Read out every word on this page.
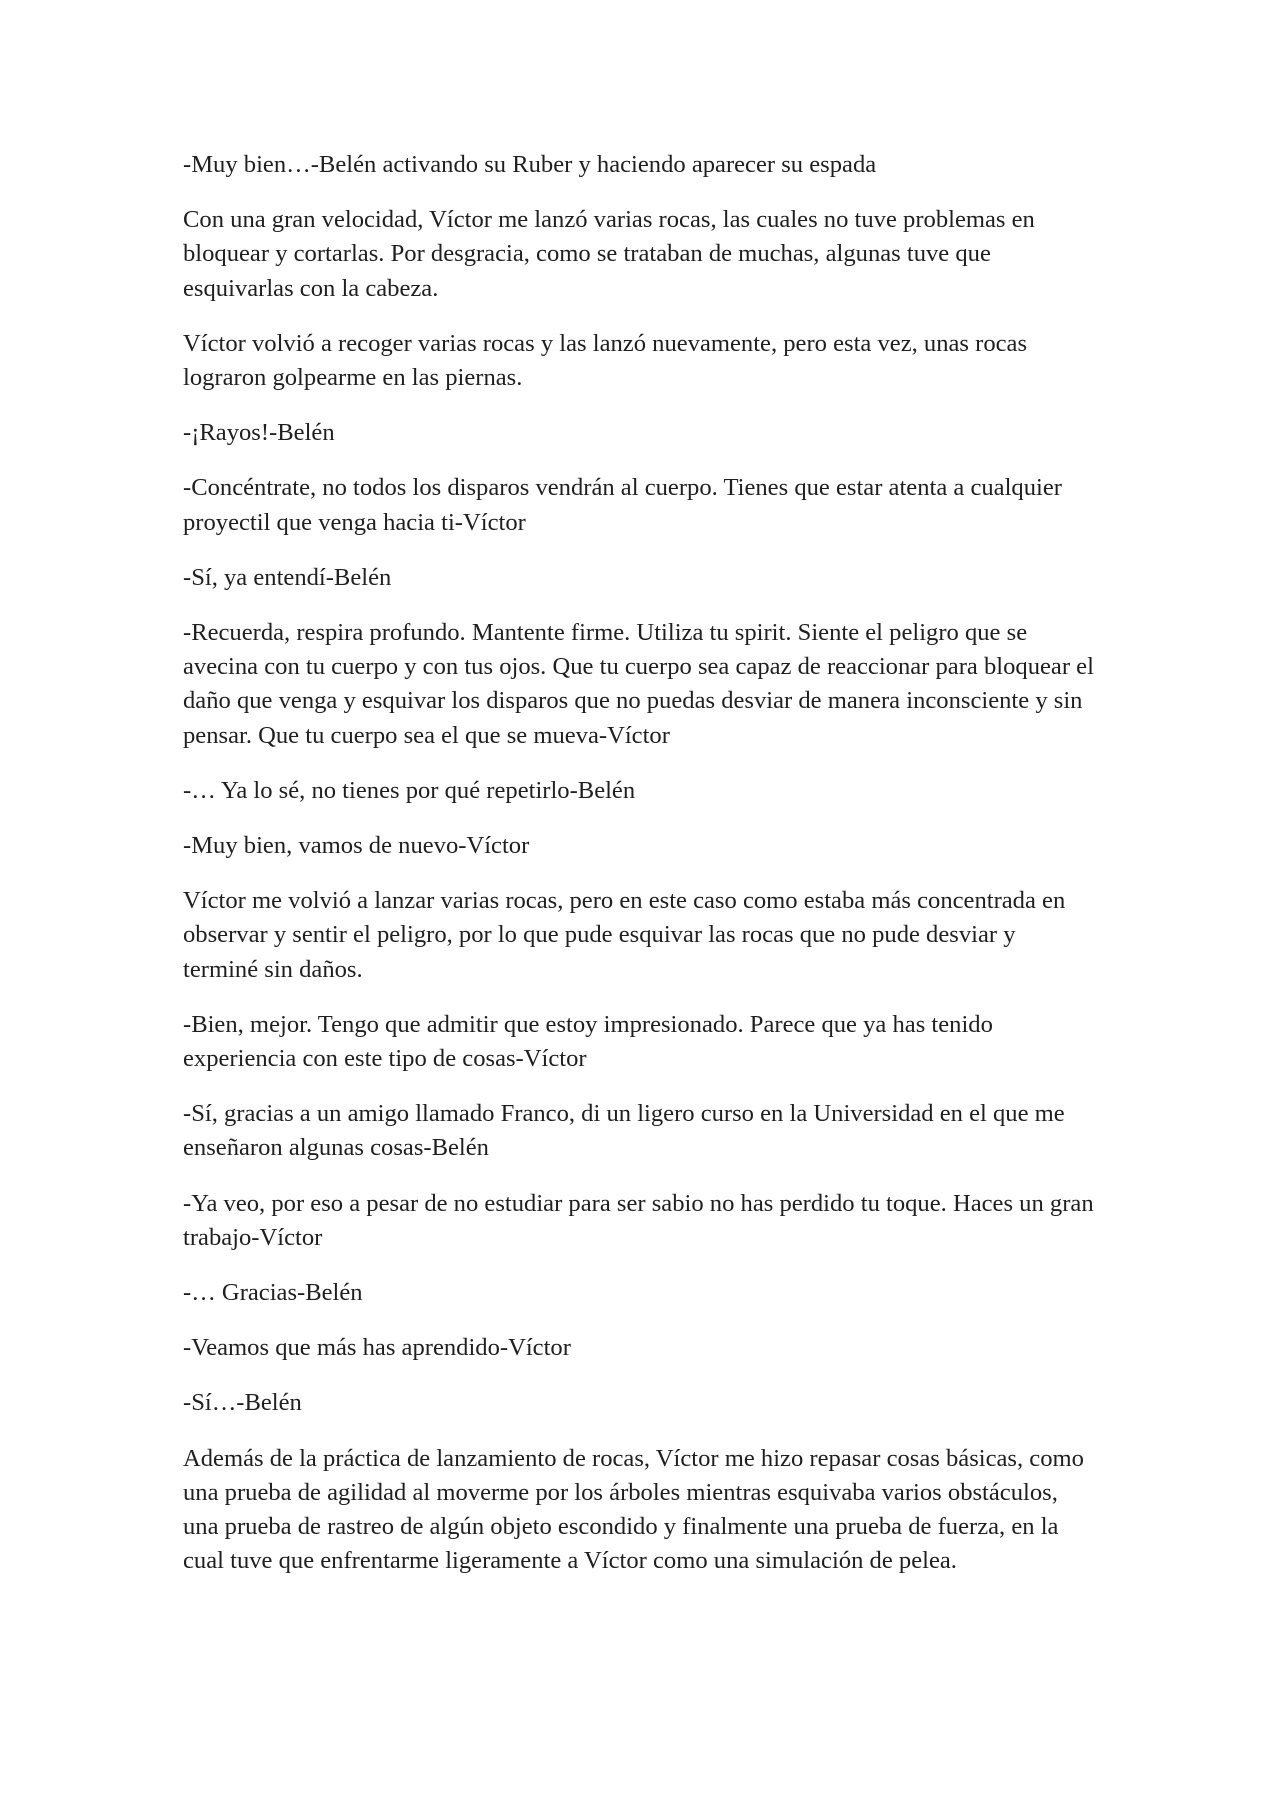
-Muy bien…-Belén activando su Ruber y haciendo aparecer su espada

Con una gran velocidad, Víctor me lanzó varias rocas, las cuales no tuve problemas en bloquear y cortarlas. Por desgracia, como se trataban de muchas, algunas tuve que esquivarlas con la cabeza.

Víctor volvió a recoger varias rocas y las lanzó nuevamente, pero esta vez, unas rocas lograron golpearme en las piernas.

-¡Rayos!-Belén

-Concéntrate, no todos los disparos vendrán al cuerpo. Tienes que estar atenta a cualquier proyectil que venga hacia ti-Víctor

-Sí, ya entendí-Belén

-Recuerda, respira profundo. Mantente firme. Utiliza tu spirit. Siente el peligro que se avecina con tu cuerpo y con tus ojos. Que tu cuerpo sea capaz de reaccionar para bloquear el daño que venga y esquivar los disparos que no puedas desviar de manera inconsciente y sin pensar. Que tu cuerpo sea el que se mueva-Víctor

-… Ya lo sé, no tienes por qué repetirlo-Belén

-Muy bien, vamos de nuevo-Víctor

Víctor me volvió a lanzar varias rocas, pero en este caso como estaba más concentrada en observar y sentir el peligro, por lo que pude esquivar las rocas que no pude desviar y terminé sin daños.

-Bien, mejor. Tengo que admitir que estoy impresionado. Parece que ya has tenido experiencia con este tipo de cosas-Víctor

-Sí, gracias a un amigo llamado Franco, di un ligero curso en la Universidad en el que me enseñaron algunas cosas-Belén

-Ya veo, por eso a pesar de no estudiar para ser sabio no has perdido tu toque. Haces un gran trabajo-Víctor

-… Gracias-Belén

-Veamos que más has aprendido-Víctor

-Sí…-Belén

Además de la práctica de lanzamiento de rocas, Víctor me hizo repasar cosas básicas, como una prueba de agilidad al moverme por los árboles mientras esquivaba varios obstáculos, una prueba de rastreo de algún objeto escondido y finalmente una prueba de fuerza, en la cual tuve que enfrentarme ligeramente a Víctor como una simulación de pelea.
